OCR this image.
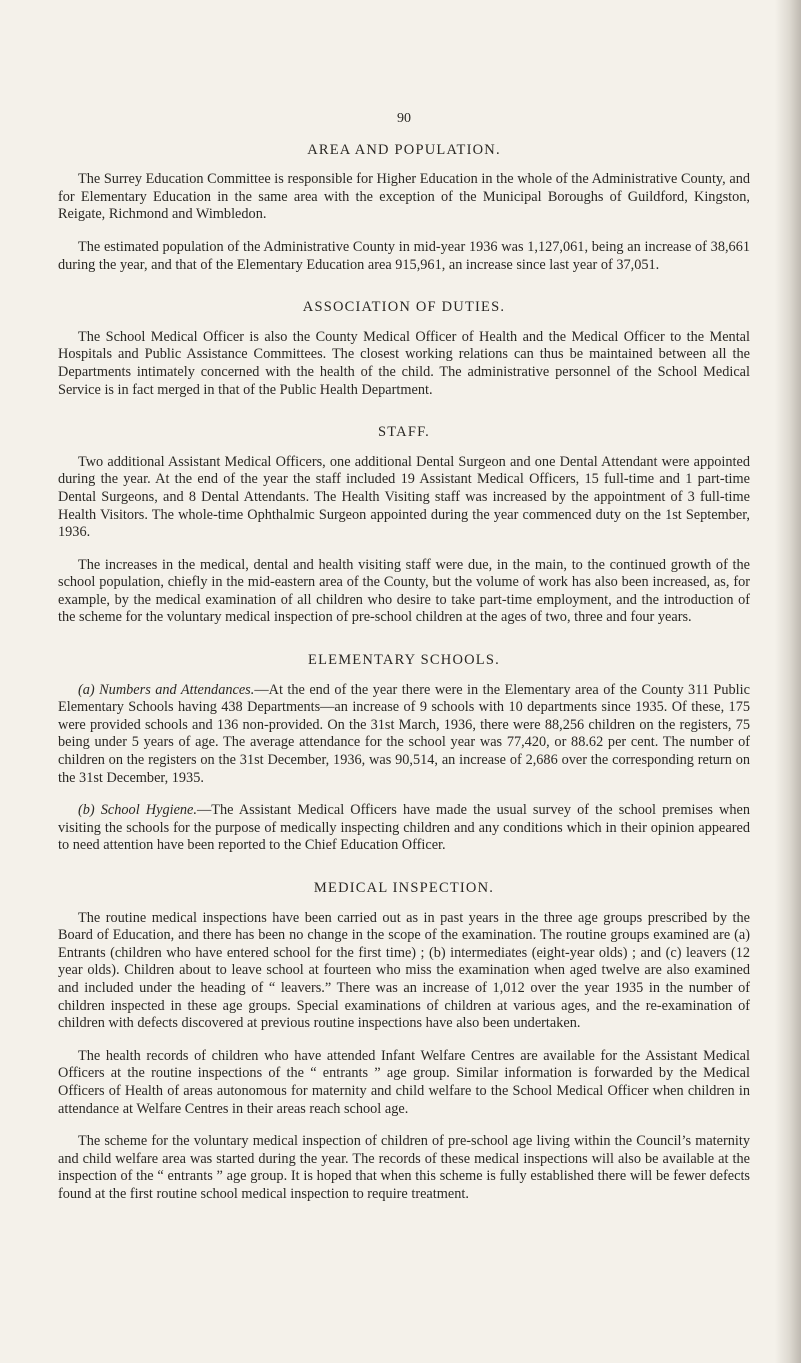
90
AREA AND POPULATION.

The Surrey Education Committee is responsible for Higher Education in the whole of the Administrative County, and for Elementary Education in the same area with the exception of the Municipal Boroughs of Guildford, Kingston, Reigate, Richmond and Wimbledon.

The estimated population of the Administrative County in mid-year 1936 was 1,127,061, being an increase of 38,661 during the year, and that of the Elementary Education area 915,961, an increase since last year of 37,051.

ASSOCIATION OF DUTIES.

The School Medical Officer is also the County Medical Officer of Health and the Medical Officer to the Mental Hospitals and Public Assistance Committees. The closest working relations can thus be maintained between all the Departments intimately concerned with the health of the child. The administrative personnel of the School Medical Service is in fact merged in that of the Public Health Department.

STAFF.

Two additional Assistant Medical Officers, one additional Dental Surgeon and one Dental Attendant were appointed during the year. At the end of the year the staff included 19 Assistant Medical Officers, 15 full-time and 1 part-time Dental Surgeons, and 8 Dental Attendants. The Health Visiting staff was increased by the appointment of 3 full-time Health Visitors. The whole-time Ophthalmic Surgeon appointed during the year commenced duty on the 1st September, 1936.

The increases in the medical, dental and health visiting staff were due, in the main, to the continued growth of the school population, chiefly in the mid-eastern area of the County, but the volume of work has also been increased, as, for example, by the medical examination of all children who desire to take part-time employment, and the introduction of the scheme for the voluntary medical inspection of pre-school children at the ages of two, three and four years.

ELEMENTARY SCHOOLS.

(a) Numbers and Attendances.—At the end of the year there were in the Elementary area of the County 311 Public Elementary Schools having 438 Departments—an increase of 9 schools with 10 departments since 1935. Of these, 175 were provided schools and 136 non-provided. On the 31st March, 1936, there were 88,256 children on the registers, 75 being under 5 years of age. The average attendance for the school year was 77,420, or 88.62 per cent. The number of children on the registers on the 31st December, 1936, was 90,514, an increase of 2,686 over the corresponding return on the 31st December, 1935.

(b) School Hygiene.—The Assistant Medical Officers have made the usual survey of the school premises when visiting the schools for the purpose of medically inspecting children and any conditions which in their opinion appeared to need attention have been reported to the Chief Education Officer.

MEDICAL INSPECTION.

The routine medical inspections have been carried out as in past years in the three age groups prescribed by the Board of Education, and there has been no change in the scope of the examination. The routine groups examined are (a) Entrants (children who have entered school for the first time) ; (b) intermediates (eight-year olds) ; and (c) leavers (12 year olds). Children about to leave school at fourteen who miss the examination when aged twelve are also examined and included under the heading of “ leavers.” There was an increase of 1,012 over the year 1935 in the number of children inspected in these age groups. Special examinations of children at various ages, and the re-examination of children with defects discovered at previous routine inspections have also been undertaken.

The health records of children who have attended Infant Welfare Centres are available for the Assistant Medical Officers at the routine inspections of the “ entrants ” age group. Similar information is forwarded by the Medical Officers of Health of areas autonomous for maternity and child welfare to the School Medical Officer when children in attendance at Welfare Centres in their areas reach school age.

The scheme for the voluntary medical inspection of children of pre-school age living within the Council’s maternity and child welfare area was started during the year. The records of these medical inspections will also be available at the inspection of the “ entrants ” age group. It is hoped that when this scheme is fully established there will be fewer defects found at the first routine school medical inspection to require treatment.
